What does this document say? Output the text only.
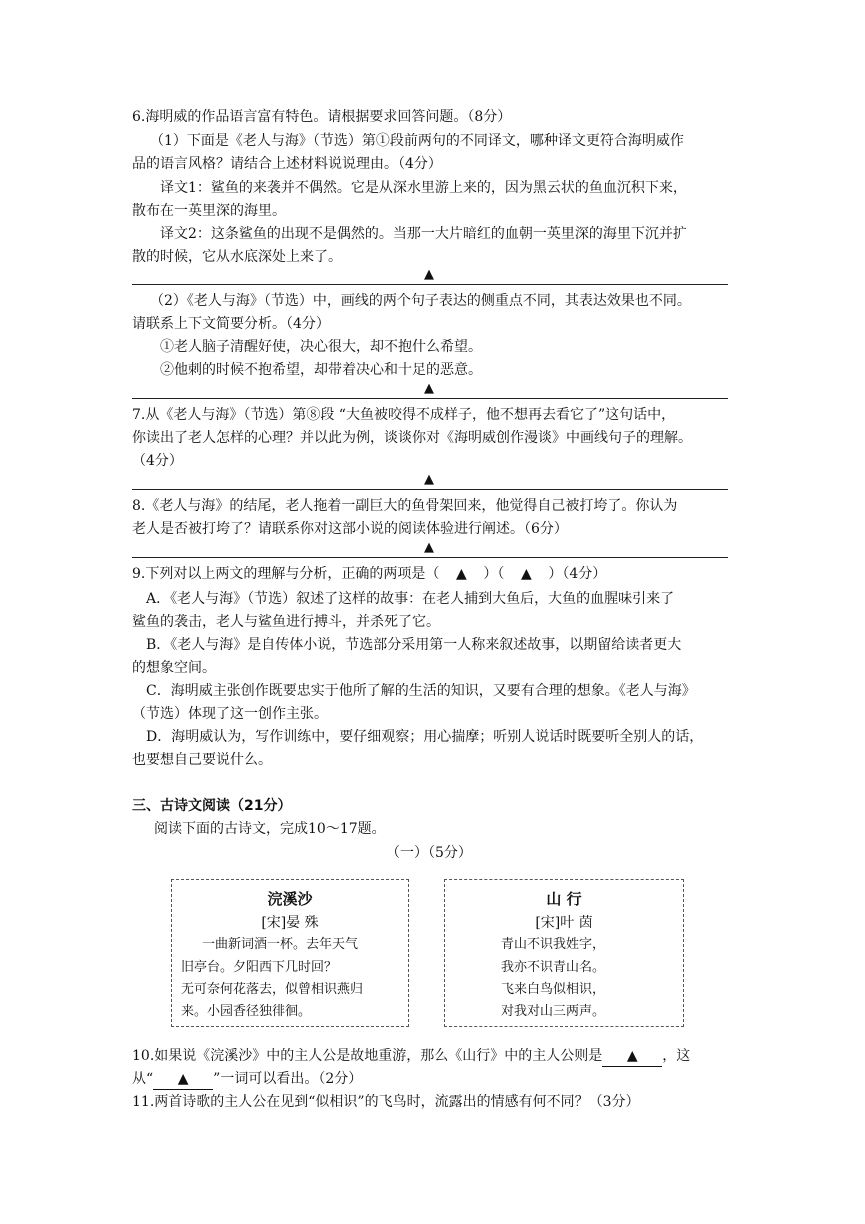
6.海明威的作品语言富有特色。请根据要求回答问题。（8分）
（1）下面是《老人与海》（节选）第①段前两句的不同译文，哪种译文更符合海明威作
品的语言风格？请结合上述材料说说理由。（4分）
译文1：鲨鱼的来袭并不偶然。它是从深水里游上来的，因为黑云状的鱼血沉积下来，
散布在一英里深的海里。
译文2：这条鲨鱼的出现不是偶然的。当那一大片暗红的血朝一英里深的海里下沉并扩
散的时候，它从水底深处上来了。
▲
（2）《老人与海》（节选）中，画线的两个句子表达的侧重点不同，其表达效果也不同。
请联系上下文简要分析。（4分）
①老人脑子清醒好使，决心很大，却不抱什么希望。
②他刺的时候不抱希望，却带着决心和十足的恶意。
▲
7.从《老人与海》（节选）第⑧段 “大鱼被咬得不成样子，他不想再去看它了”这句话中，
你读出了老人怎样的心理？并以此为例，谈谈你对《海明威创作漫谈》中画线句子的理解。
（4分）
▲
8.《老人与海》的结尾，老人拖着一副巨大的鱼骨架回来，他觉得自己被打垮了。你认为
老人是否被打垮了？请联系你对这部小说的阅读体验进行阐述。（6分）
▲
9.下列对以上两文的理解与分析，正确的两项是（ ▲ ）（ ▲ ）（4分）
A．《老人与海》（节选）叙述了这样的故事：在老人捕到大鱼后，大鱼的血腥味引来了
鲨鱼的袭击，老人与鲨鱼进行搏斗，并杀死了它。
B．《老人与海》是自传体小说，节选部分采用第一人称来叙述故事，以期留给读者更大
的想象空间。
C．海明威主张创作既要忠实于他所了解的生活的知识，又要有合理的想象。《老人与海》
（节选）体现了这一创作主张。
D．海明威认为，写作训练中，要仔细观察；用心揣摩；听别人说话时既要听全别人的话，
也要想自己要说什么。
三、古诗文阅读（21分）
阅读下面的古诗文，完成10～17题。
（一）（5分）
浣溪沙
[宋]晏 殊
一曲新词酒一杯。去年天气
旧亭台。夕阳西下几时回？
无可奈何花落去，似曾相识燕归
来。小园香径独徘徊。
山 行
[宋]叶 茵
青山不识我姓字，
我亦不识青山名。
飞来白鸟似相识，
对我对山三两声。
10.如果说《浣溪沙》中的主人公是故地重游，那么《山行》中的主人公则是 ▲ ，这
从“ ▲ ”一词可以看出。（2分）
11.两首诗歌的主人公在见到“似相识”的飞鸟时，流露出的情感有何不同？（3分）
